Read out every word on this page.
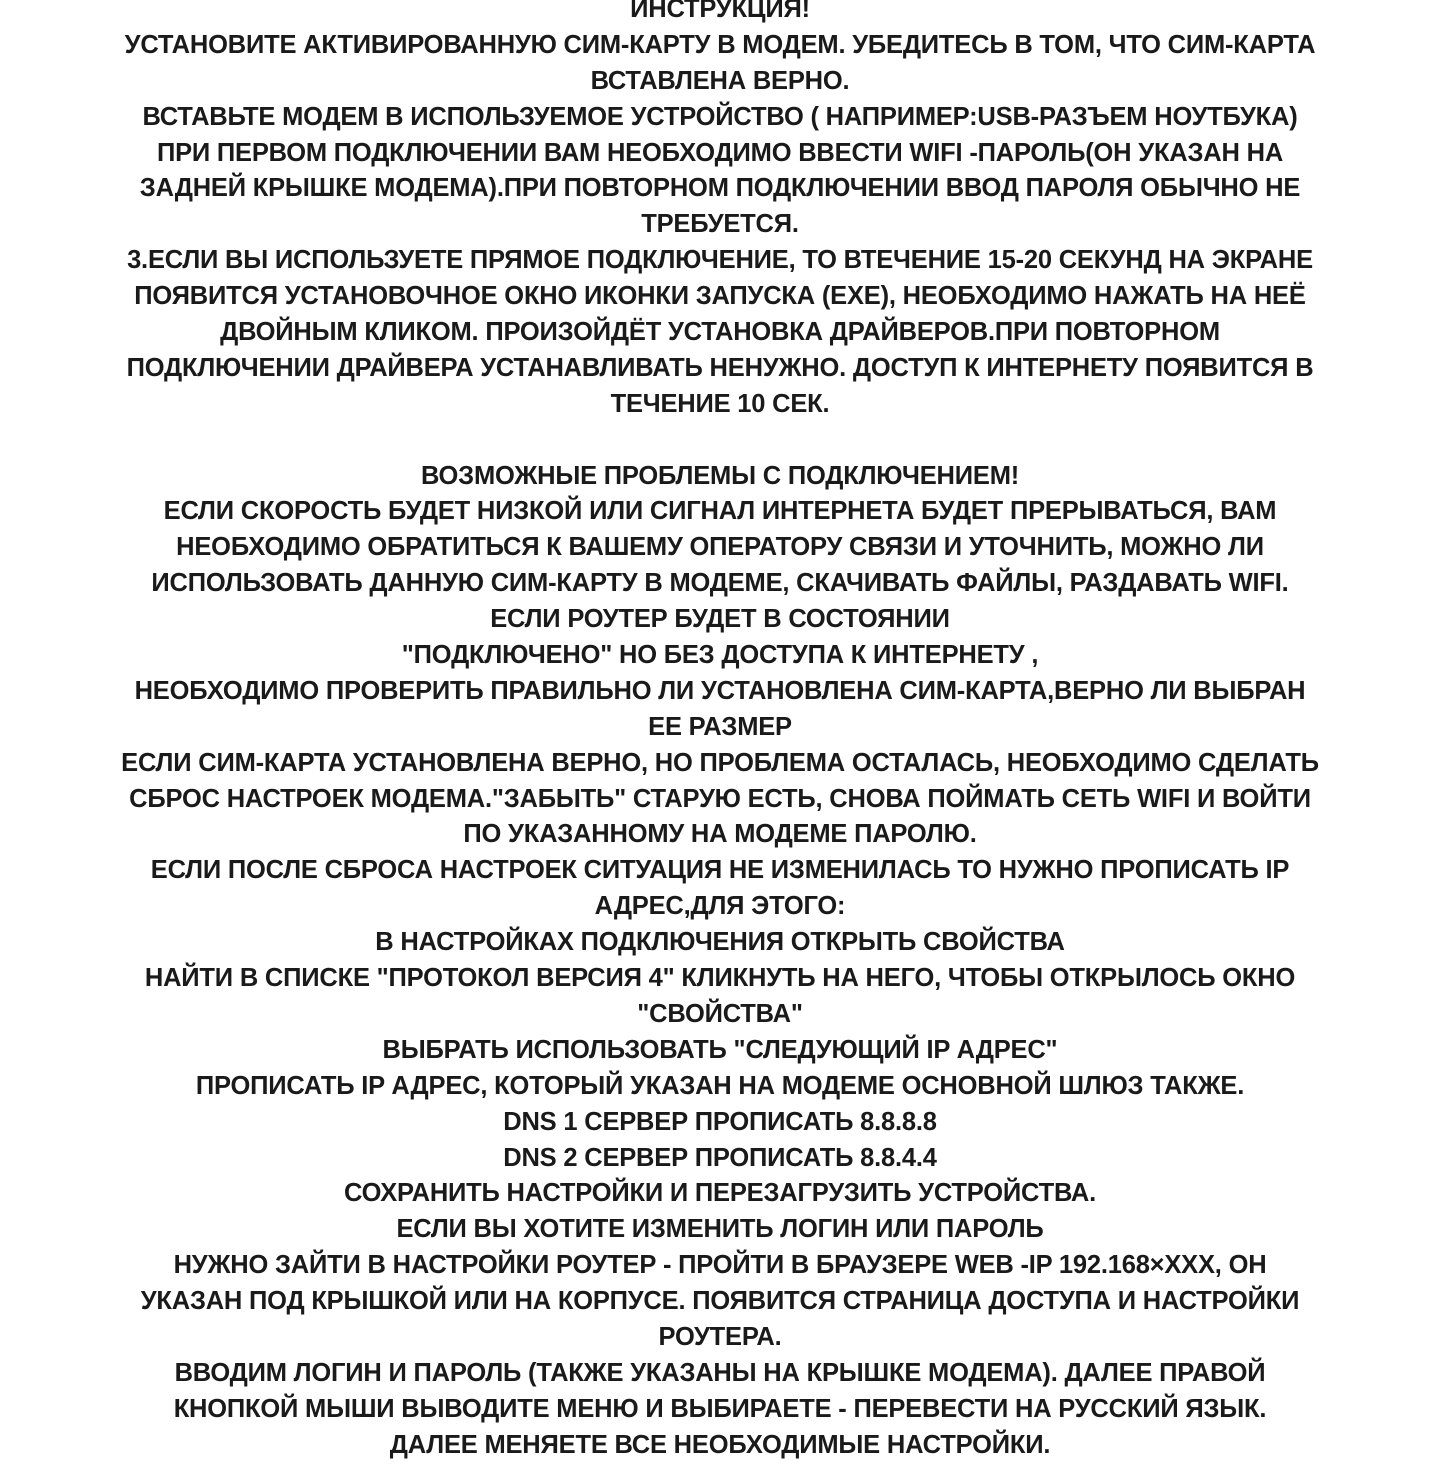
ИНСТРУКЦИЯ!
УСТАНОВИТЕ АКТИВИРОВАННУЮ СИМ-КАРТУ В МОДЕМ. УБЕДИТЕСЬ В ТОМ, ЧТО СИМ-КАРТА
ВСТАВЛЕНА ВЕРНО.
ВСТАВЬТЕ МОДЕМ В ИСПОЛЬЗУЕМОЕ УСТРОЙСТВО ( НАПРИМЕР:USB-РАЗЪЕМ НОУТБУКА)
ПРИ ПЕРВОМ ПОДКЛЮЧЕНИИ ВАМ НЕОБХОДИМО ВВЕСТИ WIFI -ПАРОЛЬ(ОН УКАЗАН НА
ЗАДНЕЙ КРЫШКЕ МОДЕМА).ПРИ ПОВТОРНОМ ПОДКЛЮЧЕНИИ ВВОД ПАРОЛЯ ОБЫЧНО НЕ
ТРЕБУЕТСЯ.
3.ЕСЛИ ВЫ ИСПОЛЬЗУЕТЕ ПРЯМОЕ ПОДКЛЮЧЕНИЕ, ТО ВТЕЧЕНИЕ 15-20 СЕКУНД НА ЭКРАНЕ
ПОЯВИТСЯ УСТАНОВОЧНОЕ ОКНО ИКОНКИ ЗАПУСКА (EXE), НЕОБХОДИМО НАЖАТЬ НА НЕЁ
ДВОЙНЫМ КЛИКОМ. ПРОИЗОЙДЁТ УСТАНОВКА ДРАЙВЕРОВ.ПРИ ПОВТОРНОМ
ПОДКЛЮЧЕНИИ ДРАЙВЕРА УСТАНАВЛИВАТЬ НЕНУЖНО. ДОСТУП К ИНТЕРНЕТУ ПОЯВИТСЯ В
ТЕЧЕНИЕ 10 СЕК.
ВОЗМОЖНЫЕ ПРОБЛЕМЫ С ПОДКЛЮЧЕНИЕМ!
ЕСЛИ СКОРОСТЬ БУДЕТ НИЗКОЙ ИЛИ СИГНАЛ ИНТЕРНЕТА БУДЕТ ПРЕРЫВАТЬСЯ, ВАМ
НЕОБХОДИМО ОБРАТИТЬСЯ К ВАШЕМУ ОПЕРАТОРУ СВЯЗИ И УТОЧНИТЬ, МОЖНО ЛИ
ИСПОЛЬЗОВАТЬ ДАННУЮ СИМ-КАРТУ В МОДЕМЕ, СКАЧИВАТЬ ФАЙЛЫ, РАЗДАВАТЬ WIFI.
ЕСЛИ РОУТЕР БУДЕТ В СОСТОЯНИИ
"ПОДКЛЮЧЕНО" НО БЕЗ ДОСТУПА К ИНТЕРНЕТУ ,
НЕОБХОДИМО ПРОВЕРИТЬ ПРАВИЛЬНО ЛИ УСТАНОВЛЕНА СИМ-КАРТА,ВЕРНО ЛИ ВЫБРАН
ЕЕ РАЗМЕР
ЕСЛИ СИМ-КАРТА УСТАНОВЛЕНА ВЕРНО, НО ПРОБЛЕМА ОСТАЛАСЬ, НЕОБХОДИМО СДЕЛАТЬ
СБРОС НАСТРОЕК МОДЕМА."ЗАБЫТЬ" СТАРУЮ ЕСТЬ, СНОВА ПОЙМАТЬ СЕТЬ WIFI И ВОЙТИ
ПО УКАЗАННОМУ НА МОДЕМЕ ПАРОЛЮ.
ЕСЛИ ПОСЛЕ СБРОСА НАСТРОЕК СИТУАЦИЯ НЕ ИЗМЕНИЛАСЬ ТО НУЖНО ПРОПИСАТЬ IP
АДРЕС,ДЛЯ ЭТОГО:
В НАСТРОЙКАХ ПОДКЛЮЧЕНИЯ ОТКРЫТЬ СВОЙСТВА
НАЙТИ В СПИСКЕ "ПРОТОКОЛ ВЕРСИЯ 4" КЛИКНУТЬ НА НЕГО, ЧТОБЫ ОТКРЫЛОСЬ ОКНО
"СВОЙСТВА"
ВЫБРАТЬ ИСПОЛЬЗОВАТЬ "СЛЕДУЮЩИЙ IP АДРЕС"
ПРОПИСАТЬ IP АДРЕС, КОТОРЫЙ УКАЗАН НА МОДЕМЕ ОСНОВНОЙ ШЛЮЗ ТАКЖЕ.
DNS 1 СЕРВЕР ПРОПИСАТЬ 8.8.8.8
DNS 2 СЕРВЕР ПРОПИСАТЬ 8.8.4.4
СОХРАНИТЬ НАСТРОЙКИ И ПЕРЕЗАГРУЗИТЬ УСТРОЙСТВА.
ЕСЛИ ВЫ ХОТИТЕ ИЗМЕНИТЬ ЛОГИН ИЛИ ПАРОЛЬ
НУЖНО ЗАЙТИ В НАСТРОЙКИ РОУТЕР - ПРОЙТИ В БРАУЗЕРЕ WEB -IP 192.168×XXX, ОН
УКАЗАН ПОД КРЫШКОЙ ИЛИ НА КОРПУСЕ. ПОЯВИТСЯ СТРАНИЦА ДОСТУПА И НАСТРОЙКИ
РОУТЕРА.
ВВОДИМ ЛОГИН И ПАРОЛЬ (ТАКЖЕ УКАЗАНЫ НА КРЫШКЕ МОДЕМА). ДАЛЕЕ ПРАВОЙ
КНОПКОЙ МЫШИ ВЫВОДИТЕ МЕНЮ И ВЫБИРАЕТЕ - ПЕРЕВЕСТИ НА РУССКИЙ ЯЗЫК.
ДАЛЕЕ МЕНЯЕТЕ ВСЕ НЕОБХОДИМЫЕ НАСТРОЙКИ.
